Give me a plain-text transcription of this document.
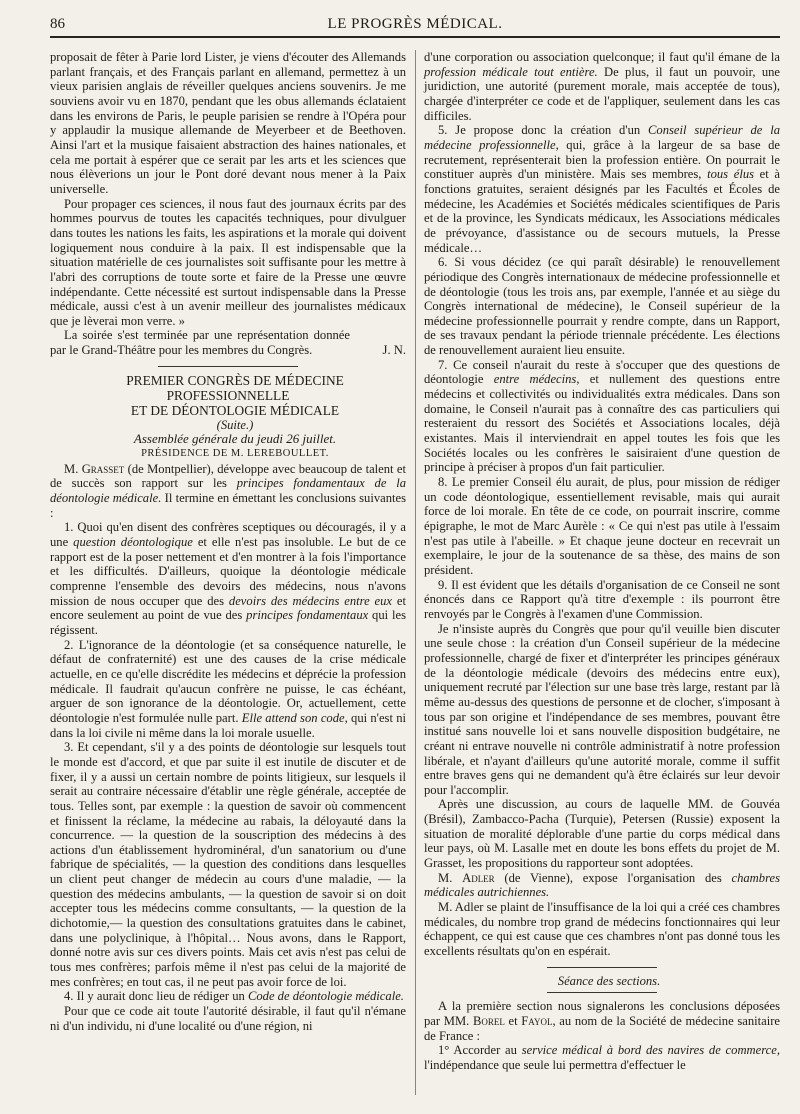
86	LE PROGRÈS MÉDICAL.

proposait de fêter à Parie lord Lister, je viens d'écouter des Allemands parlant français, et des Français parlant en allemand, permettez à un vieux parisien anglais de réveiller quelques anciens souvenirs. Je me souviens avoir vu en 1870, pendant que les obus allemands éclataient dans les environs de Paris, le peuple parisien se rendre à l'Opéra pour y applaudir la musique allemande de Meyerbeer et de Beethoven. Ainsi l'art et la musique faisaient abstraction des haines nationales, et cela me portait à espérer que ce serait par les arts et les sciences que nous élèverions un jour le Pont doré devant nous mener à la Paix universelle.

Pour propager ces sciences, il nous faut des journaux écrits par des hommes pourvus de toutes les capacités techniques, pour divulguer dans toutes les nations les faits, les aspirations et la morale qui doivent logiquement nous conduire à la paix. Il est indispensable que la situation matérielle de ces journalistes soit suffisante pour les mettre à l'abri des corruptions de toute sorte et faire de la Presse une œuvre indépendante. Cette nécessité est surtout indispensable dans la Presse médicale, aussi c'est à un avenir meilleur des journalistes médicaux que je lèverai mon verre. »

La soirée s'est terminée par une représentation donnée par le Grand-Théâtre pour les membres du Congrès.	J. N.

PREMIER CONGRÈS DE MÉDECINE PROFESSIONNELLE

ET DE DÉONTOLOGIE MÉDICALE

(Suite.)

Assemblée générale du jeudi 26 juillet.

PRÉSIDENCE DE M. LEREBOULLET.

M. Grasset (de Montpellier), développe avec beaucoup de talent et de succès son rapport sur les principes fondamentaux de la déontologie médicale. Il termine en émettant les conclusions suivantes :

1. Quoi qu'en disent des confrères sceptiques ou découragés, il y a une question déontologique et elle n'est pas insoluble. Le but de ce rapport est de la poser nettement et d'en montrer à la fois l'importance et les difficultés. D'ailleurs, quoique la déontologie médicale comprenne l'ensemble des devoirs des médecins, nous n'avons mission de nous occuper que des devoirs des médecins entre eux et encore seulement au point de vue des principes fondamentaux qui les régissent.

2. L'ignorance de la déontologie (et sa conséquence naturelle, le défaut de confraternité) est une des causes de la crise médicale actuelle, en ce qu'elle discrédite les médecins et déprécie la profession médicale. Il faudrait qu'aucun confrère ne puisse, le cas échéant, arguer de son ignorance de la déontologie. Or, actuellement, cette déontologie n'est formulée nulle part. Elle attend son code, qui n'est ni dans la loi civile ni même dans la loi morale usuelle.

3. Et cependant, s'il y a des points de déontologie sur lesquels tout le monde est d'accord, et que par suite il est inutile de discuter et de fixer, il y a aussi un certain nombre de points litigieux, sur lesquels il serait au contraire nécessaire d'établir une règle générale, acceptée de tous. Telles sont, par exemple : la question de savoir où commencent et finissent la réclame, la médecine au rabais, la déloyauté dans la concurrence. — la question de la souscription des médecins à des actions d'un établissement hydrominéral, d'un sanatorium ou d'une fabrique de spécialités, — la question des conditions dans lesquelles un client peut changer de médecin au cours d'une maladie, — la question des médecins ambulants, — la question de savoir si on doit accepter tous les médecins comme consultants, — la question de la dichotomie,— la question des consultations gratuites dans le cabinet, dans une polyclinique, à l'hôpital… Nous avons, dans le Rapport, donné notre avis sur ces divers points. Mais cet avis n'est pas celui de tous mes confrères; parfois même il n'est pas celui de la majorité de mes confrères; en tout cas, il ne peut pas avoir force de loi.

4. Il y aurait donc lieu de rédiger un Code de déontologie médicale.

Pour que ce code ait toute l'autorité désirable, il faut qu'il n'émane ni d'un individu, ni d'une localité ou d'une région, ni

d'une corporation ou association quelconque; il faut qu'il émane de la profession médicale tout entière. De plus, il faut un pouvoir, une juridiction, une autorité (purement morale, mais acceptée de tous), chargée d'interpréter ce code et de l'appliquer, seulement dans les cas difficiles.

5. Je propose donc la création d'un Conseil supérieur de la médecine professionnelle, qui, grâce à la largeur de sa base de recrutement, représenterait bien la profession entière. On pourrait le constituer auprès d'un ministère. Mais ses membres, tous élus et à fonctions gratuites, seraient désignés par les Facultés et Écoles de médecine, les Académies et Sociétés médicales scientifiques de Paris et de la province, les Syndicats médicaux, les Associations médicales de prévoyance, d'assistance ou de secours mutuels, la Presse médicale…

6. Si vous décidez (ce qui paraît désirable) le renouvellement périodique des Congrès internationaux de médecine professionnelle et de déontologie (tous les trois ans, par exemple, l'année et au siège du Congrès international de médecine), le Conseil supérieur de la médecine professionnelle pourrait y rendre compte, dans un Rapport, de ses travaux pendant la période triennale précédente. Les élections de renouvellement auraient lieu ensuite.

7. Ce conseil n'aurait du reste à s'occuper que des questions de déontologie entre médecins, et nullement des questions entre médecins et collectivités ou individualités extra médicales. Dans son domaine, le Conseil n'aurait pas à connaître des cas particuliers qui resteraient du ressort des Sociétés et Associations locales, déjà existantes. Mais il interviendrait en appel toutes les fois que les Sociétés locales ou les confrères le saisiraient d'une question de principe à préciser à propos d'un fait particulier.

8. Le premier Conseil élu aurait, de plus, pour mission de rédiger un code déontologique, essentiellement revisable, mais qui aurait force de loi morale. En tête de ce code, on pourrait inscrire, comme épigraphe, le mot de Marc Aurèle : « Ce qui n'est pas utile à l'essaim n'est pas utile à l'abeille. » Et chaque jeune docteur en recevrait un exemplaire, le jour de la soutenance de sa thèse, des mains de son président.

9. Il est évident que les détails d'organisation de ce Conseil ne sont énoncés dans ce Rapport qu'à titre d'exemple : ils pourront être renvoyés par le Congrès à l'examen d'une Commission.

Je n'insiste auprès du Congrès que pour qu'il veuille bien discuter une seule chose : la création d'un Conseil supérieur de la médecine professionnelle, chargé de fixer et d'interpréter les principes généraux de la déontologie médicale (devoirs des médecins entre eux), uniquement recruté par l'élection sur une base très large, restant par là même au-dessus des questions de personne et de clocher, s'imposant à tous par son origine et l'indépendance de ses membres, pouvant être institué sans nouvelle loi et sans nouvelle disposition budgétaire, ne créant ni entrave nouvelle ni contrôle administratif à notre profession libérale, et n'ayant d'ailleurs qu'une autorité morale, comme il suffit entre braves gens qui ne demandent qu'à être éclairés sur leur devoir pour l'accomplir.

Après une discussion, au cours de laquelle MM. de Gouvéa (Brésil), Zambacco-Pacha (Turquie), Petersen (Russie) exposent la situation de moralité déplorable d'une partie du corps médical dans leur pays, où M. Lasalle met en doute les bons effets du projet de M. Grasset, les propositions du rapporteur sont adoptées.

M. Adler (de Vienne), expose l'organisation des chambres médicales autrichiennes.

M. Adler se plaint de l'insuffisance de la loi qui a créé ces chambres médicales, du nombre trop grand de médecins fonctionnaires qui leur échappent, ce qui est cause que ces chambres n'ont pas donné tous les excellents résultats qu'on en espérait.

Séance des sections.

A la première section nous signalerons les conclusions déposées par MM. Borel et Fayol, au nom de la Société de médecine sanitaire de France :

1° Accorder au service médical à bord des navires de commerce, l'indépendance que seule lui permettra d'effectuer le
